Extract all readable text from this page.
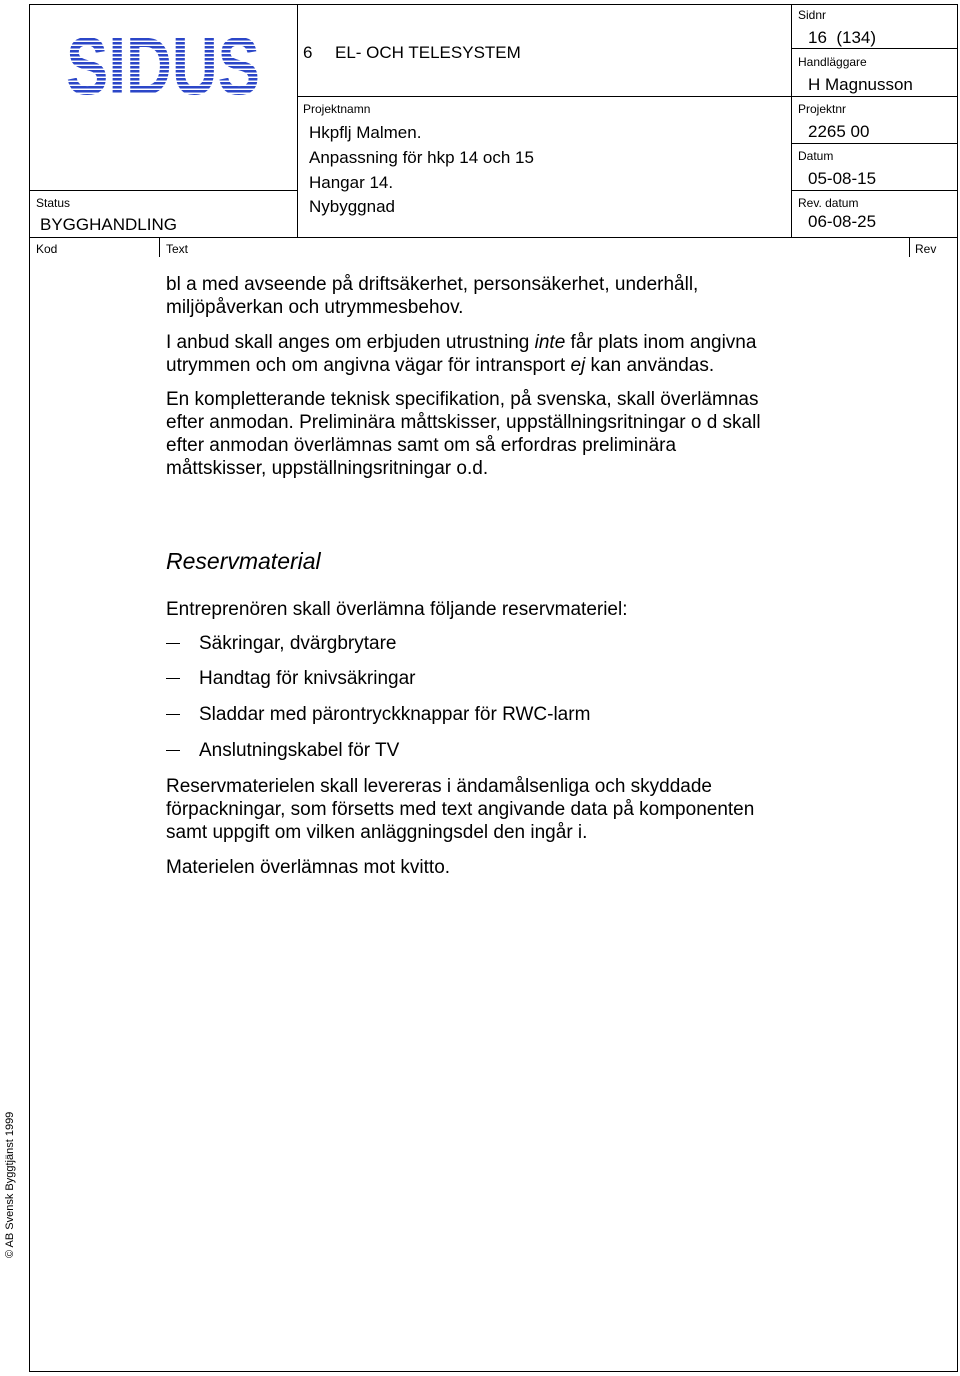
SIDUS	6 EL- OCH TELESYSTEM
Sidnr
16  (134)
Handläggare
H Magnusson
Projektnamn
Hkpflj Malmen.
Anpassning för hkp 14 och 15
Hangar 14.
Nybyggnad
Projektnr
2265 00
Datum
05-08-15
Rev. datum
06-08-25
Status
BYGGHANDLING
Kod	Text	Rev

bl a med avseende på driftsäkerhet, personsäkerhet, underhåll,

miljöpåverkan och utrymmesbehov.

I anbud skall anges om erbjuden utrustning inte får plats inom angivna

utrymmen och om angivna vägar för intransport ej kan användas.

En kompletterande teknisk specifikation, på svenska, skall överlämnas

efter anmodan. Preliminära måttskisser, uppställningsritningar o d skall

efter anmodan överlämnas samt om så erfordras preliminära

måttskisser, uppställningsritningar o.d.

Reservmaterial
Entreprenören skall överlämna följande reservmateriel:
Säkringar, dvärgbrytare
Handtag för knivsäkringar
Sladdar med pärontryckknappar för RWC-larm
Anslutningskabel för TV

Reservmaterielen skall levereras i ändamålsenliga och skyddade

förpackningar, som försetts med text angivande data på komponenten

samt uppgift om vilken anläggningsdel den ingår i.

Materielen överlämnas mot kvitto.
© AB Svensk Byggtjänst 1999
